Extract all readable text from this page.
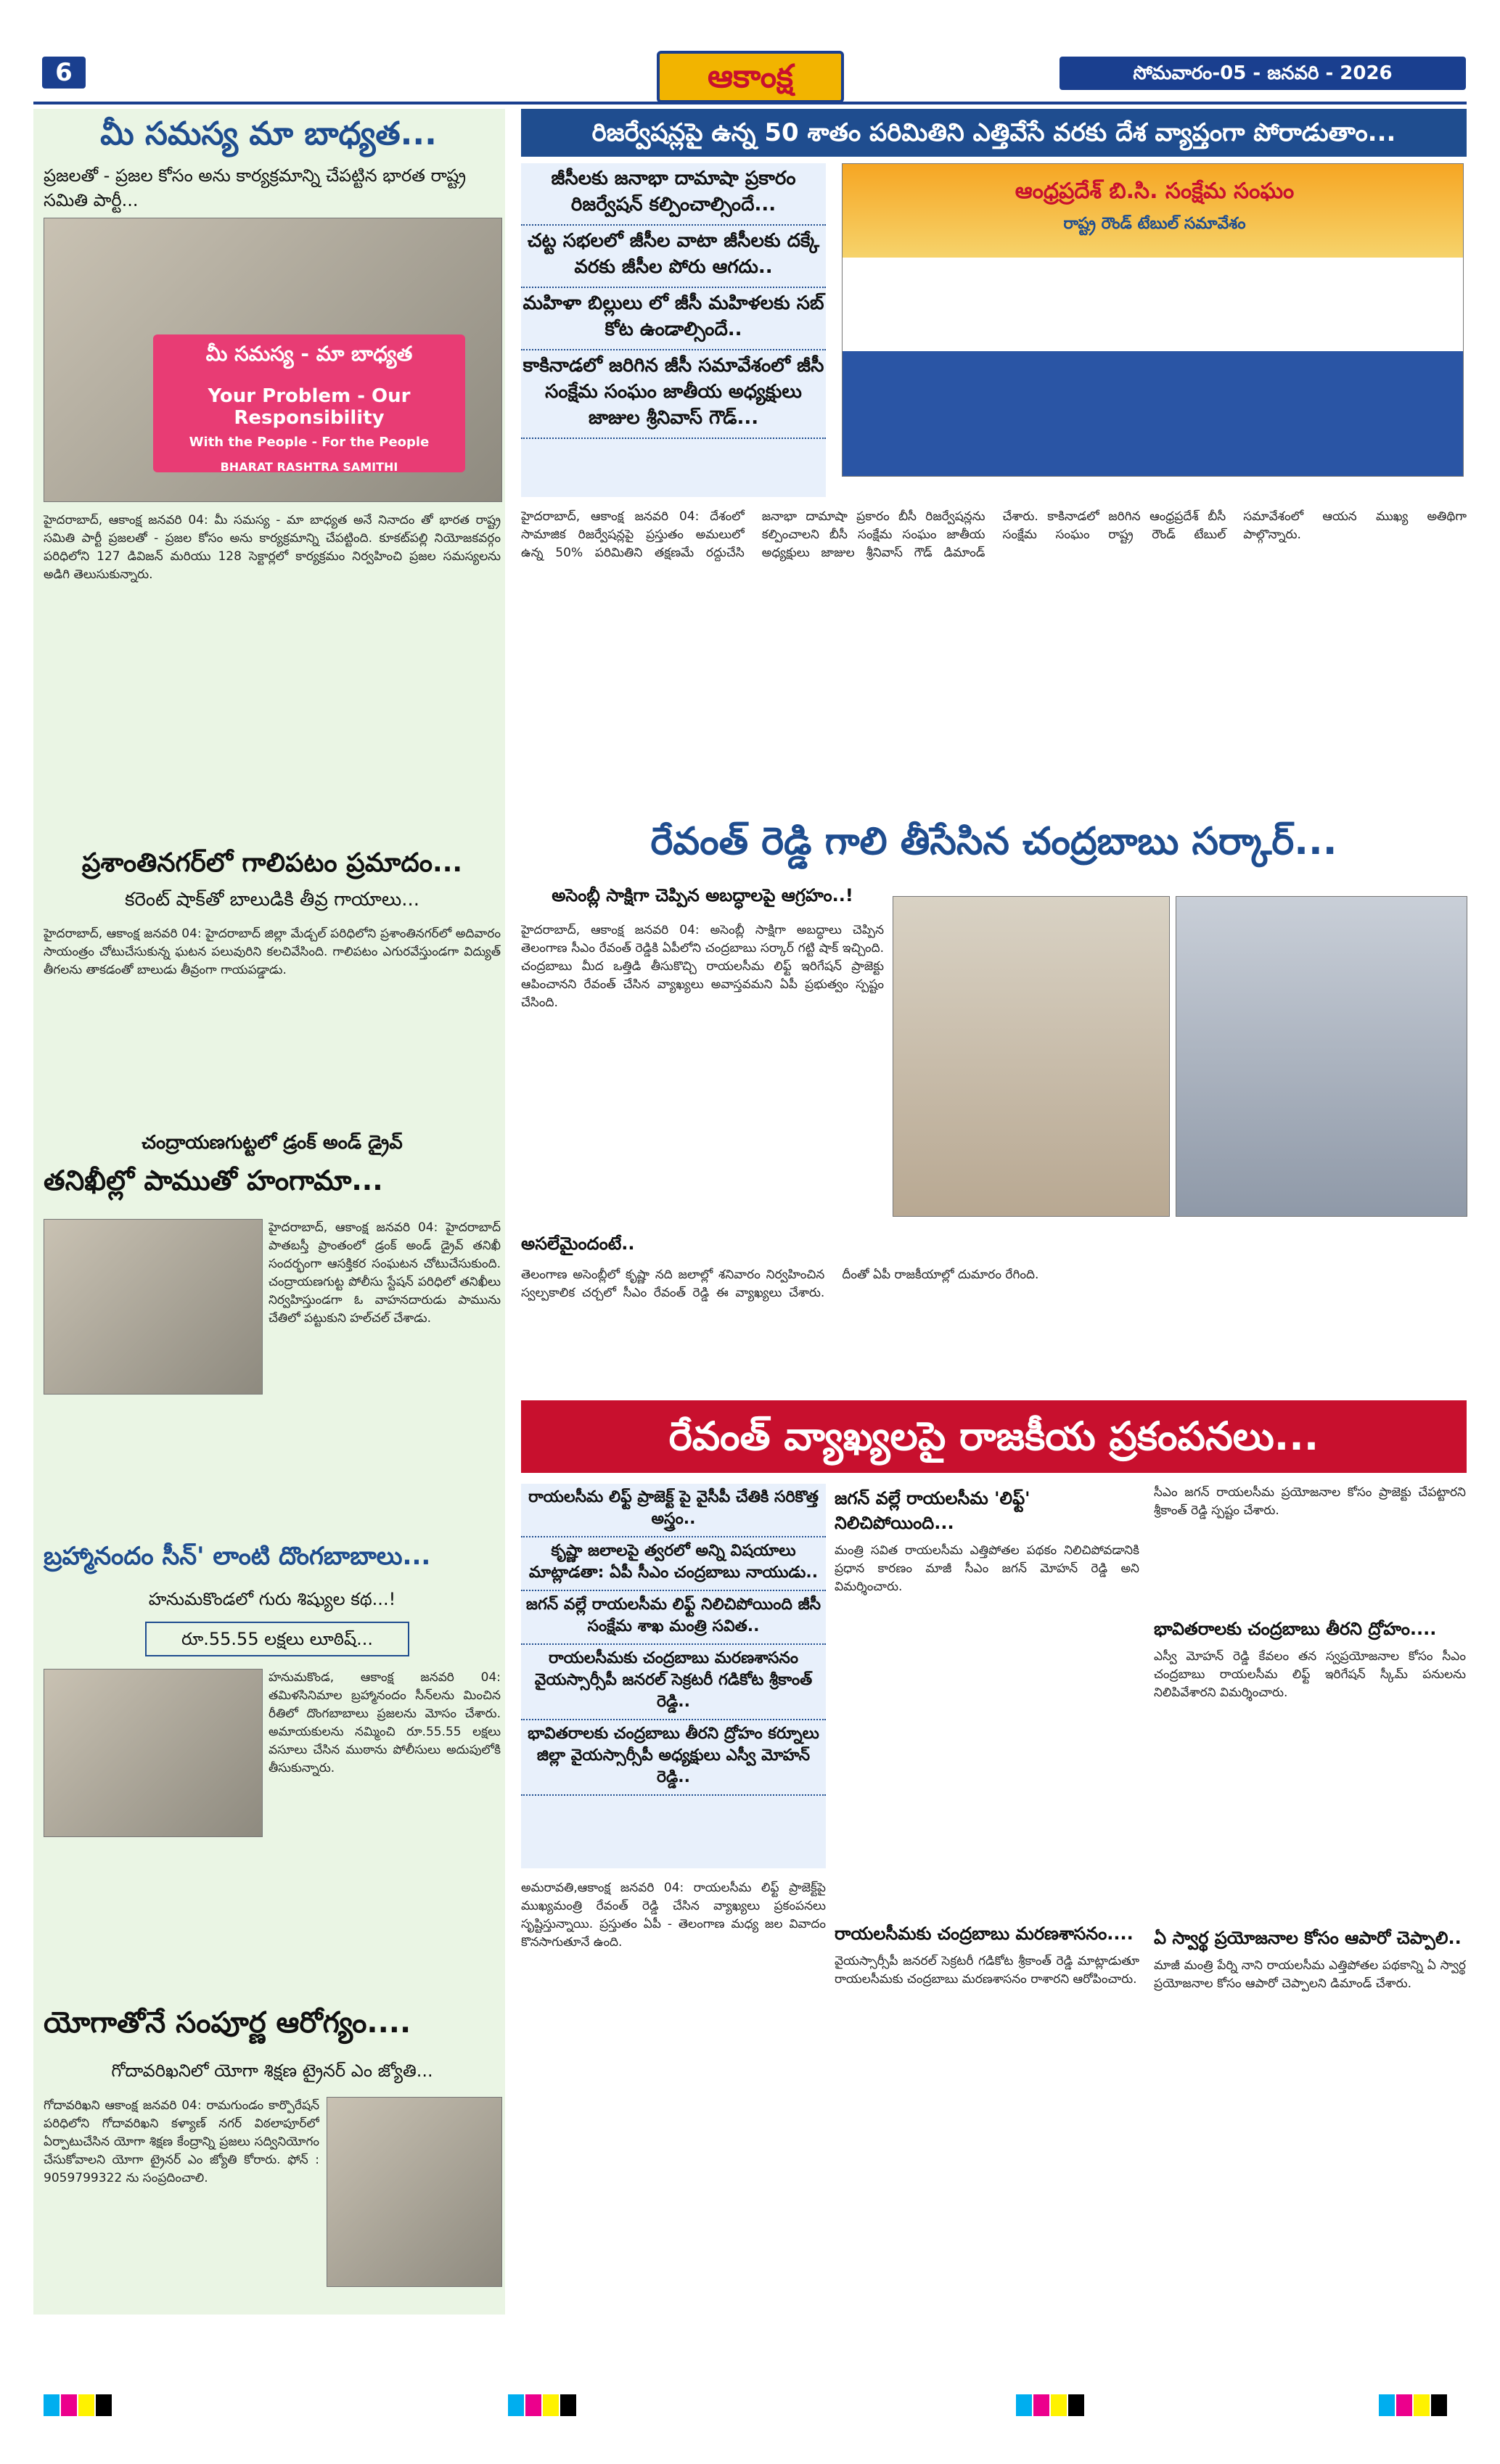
6	ఆకాంక్ష	సోమవారం-05 - జనవరి - 2026
మీ సమస్య మా బాధ్యత...
ప్రజలతో - ప్రజల కోసం అను కార్యక్రమాన్ని చేపట్టిన భారత రాష్ట్ర సమితి పార్టీ...
మీ సమస్య - మా బాధ్యత
Your Problem - Our Responsibility
With the People - For the People
BHARAT RASHTRA SAMITHI
హైదరాబాద్, ఆకాంక్ష జనవరి 04: మీ సమస్య - మా బాధ్యత అనే నినాదం తో భారత రాష్ట్ర సమితి పార్టీ ప్రజలతో - ప్రజల కోసం అను కార్యక్రమాన్ని చేపట్టింది. కూకట్‌పల్లి నియోజకవర్గం పరిధిలోని 127 డివిజన్ మరియు 128 సెక్టార్లలో కార్యక్రమం నిర్వహించి ప్రజల సమస్యలను అడిగి తెలుసుకున్నారు.
ప్రశాంతినగర్‌లో గాలిపటం ప్రమాదం...
కరెంట్ షాక్‌తో బాలుడికి తీవ్ర గాయాలు...
హైదరాబాద్, ఆకాంక్ష జనవరి 04: హైదరాబాద్ జిల్లా మేడ్చల్ పరిధిలోని ప్రశాంతినగర్‌లో అదివారం సాయంత్రం చోటుచేసుకున్న ఘటన పలువురిని కలచివేసింది. గాలిపటం ఎగురవేస్తుండగా విద్యుత్ తీగలను తాకడంతో బాలుడు తీవ్రంగా గాయపడ్డాడు.
చంద్రాయణగుట్టలో డ్రంక్ అండ్ డ్రైవ్
తనిఖీల్లో పాముతో హంగామా...
హైదరాబాద్, ఆకాంక్ష జనవరి 04: హైదరాబాద్ పాతబస్తీ ప్రాంతంలో డ్రంక్ అండ్ డ్రైవ్ తనిఖీ సందర్భంగా ఆసక్తికర సంఘటన చోటుచేసుకుంది. చంద్రాయణగుట్ట పోలీసు స్టేషన్ పరిధిలో తనిఖీలు నిర్వహిస్తుండగా ఓ వాహనదారుడు పామును చేతిలో పట్టుకుని హల్‌చల్ చేశాడు.
బ్రహ్మానందం సీన్' లాంటి దొంగబాబాలు...
హనుమకొండలో గురు శిష్యుల కథ...!
రూ.55.55 లక్షలు లూఠిష్...
హనుమకొండ, ఆకాంక్ష జనవరి 04: తమిళసినిమాల బ్రహ్మానందం సీన్‌లను మించిన రీతిలో దొంగబాబాలు ప్రజలను మోసం చేశారు. అమాయకులను నమ్మించి రూ.55.55 లక్షలు వసూలు చేసిన ముఠాను పోలీసులు అదుపులోకి తీసుకున్నారు.
యోగాతోనే సంపూర్ణ ఆరోగ్యం....
గోదావరిఖనిలో యోగా శిక్షణ ట్రైనర్ ఎం జ్యోతి...
గోదావరిఖని ఆకాంక్ష జనవరి 04: రామగుండం కార్పొరేషన్ పరిధిలోని గోదావరిఖని కళ్యాణ్ నగర్ విఠలాపూర్‌లో ఏర్పాటుచేసిన యోగా శిక్షణ కేంద్రాన్ని ప్రజలు సద్వినియోగం చేసుకోవాలని యోగా ట్రైనర్ ఎం జ్యోతి కోరారు. ఫోన్ : 9059799322 ను సంప్రదించాలి.
రిజర్వేషన్లపై ఉన్న 50 శాతం పరిమితిని ఎత్తివేసే వరకు దేశ వ్యాప్తంగా పోరాడుతాం...
జీసీలకు జనాభా దామాషా ప్రకారం రిజర్వేషన్ కల్పించాల్సిందే...
చట్ట సభలలో జీసీల వాటా జీసీలకు దక్కే వరకు జీసీల పోరు ఆగదు..
మహిళా బిల్లులు లో జీసీ మహిళలకు సబ్ కోట ఉండాల్సిందే..
కాకినాడలో జరిగిన జీసీ సమావేశంలో జీసీ సంక్షేమ సంఘం జాతీయ అధ్యక్షులు జాజుల శ్రీనివాస్ గౌడ్...
ఆంధ్రప్రదేశ్ బి.సి. సంక్షేమ సంఘం
రాష్ట్ర రౌండ్ టేబుల్ సమావేశం
హైదరాబాద్, ఆకాంక్ష జనవరి 04: దేశంలో సామాజిక రిజర్వేషన్లపై ప్రస్తుతం అమలులో ఉన్న 50% పరిమితిని తక్షణమే రద్దుచేసి జనాభా దామాషా ప్రకారం బీసీ రిజర్వేషన్లను కల్పించాలని బీసీ సంక్షేమ సంఘం జాతీయ అధ్యక్షులు జాజుల శ్రీనివాస్ గౌడ్ డిమాండ్ చేశారు. కాకినాడలో జరిగిన ఆంధ్రప్రదేశ్ బీసీ సంక్షేమ సంఘం రాష్ట్ర రౌండ్ టేబుల్ సమావేశంలో ఆయన ముఖ్య అతిథిగా పాల్గొన్నారు.
రేవంత్ రెడ్డి గాలి తీసేసిన చంద్రబాబు సర్కార్...
అసెంబ్లీ సాక్షిగా చెప్పిన అబద్ధాలపై ఆగ్రహం..!
హైదరాబాద్, ఆకాంక్ష జనవరి 04: అసెంబ్లీ సాక్షిగా అబద్ధాలు చెప్పిన తెలంగాణ సీఎం రేవంత్ రెడ్డికి ఏపీలోని చంద్రబాబు సర్కార్ గట్టి షాక్ ఇచ్చింది. చంద్రబాబు మీద ఒత్తిడి తీసుకొచ్చి రాయలసీమ లిఫ్ట్ ఇరిగేషన్ ప్రాజెక్టు ఆపించానని రేవంత్ చేసిన వ్యాఖ్యలు అవాస్తవమని ఏపీ ప్రభుత్వం స్పష్టం చేసింది.
అసలేమైందంటే..
తెలంగాణ అసెంబ్లీలో కృష్ణా నది జలాల్లో శనివారం నిర్వహించిన స్వల్పకాలిక చర్చలో సీఎం రేవంత్ రెడ్డి ఈ వ్యాఖ్యలు చేశారు. దీంతో ఏపీ రాజకీయాల్లో దుమారం రేగింది.
రేవంత్ వ్యాఖ్యలపై రాజకీయ ప్రకంపనలు...
రాయలసీమ లిఫ్ట్ ప్రాజెక్ట్ పై వైసీపీ చేతికి సరికొత్త అస్త్రం..
కృష్ణా జలాలపై త్వరలో అన్ని విషయాలు మాట్లాడతా: ఏపీ సీఎం చంద్రబాబు నాయుడు..
జగన్ వల్లే రాయలసీమ లిఫ్ట్ నిలిచిపోయింది జీసీ సంక్షేమ శాఖ మంత్రి సవిత..
రాయలసీమకు చంద్రబాబు మరణశాసనం వైయస్సార్సీపీ జనరల్ సెక్రటరీ గడికోట శ్రీకాంత్ రెడ్డి..
భావితరాలకు చంద్రబాబు తీరని ద్రోహం కర్నూలు జిల్లా వైయస్సార్సీపీ అధ్యక్షులు ఎస్వీ మోహన్ రెడ్డి..
అమరావతి,ఆకాంక్ష జనవరి 04: రాయలసీమ లిఫ్ట్ ప్రాజెక్ట్‌పై ముఖ్యమంత్రి రేవంత్ రెడ్డి చేసిన వ్యాఖ్యలు ప్రకంపనలు సృష్టిస్తున్నాయి. ప్రస్తుతం ఏపీ - తెలంగాణ మధ్య జల వివాదం కొనసాగుతూనే ఉంది.
జగన్ వల్లే రాయలసీమ 'లిఫ్ట్' నిలిచిపోయింది...
మంత్రి సవిత రాయలసీమ ఎత్తిపోతల పథకం నిలిచిపోవడానికి ప్రధాన కారణం మాజీ సీఎం జగన్ మోహన్ రెడ్డి అని విమర్శించారు.
రాయలసీమకు చంద్రబాబు మరణశాసనం....
వైయస్సార్సీపీ జనరల్ సెక్రటరీ గడికోట శ్రీకాంత్ రెడ్డి మాట్లాడుతూ రాయలసీమకు చంద్రబాబు మరణశాసనం రాశారని ఆరోపించారు.
సీఎం జగన్ రాయలసీమ ప్రయోజనాల కోసం ప్రాజెక్టు చేపట్టారని శ్రీకాంత్ రెడ్డి స్పష్టం చేశారు.
భావితరాలకు చంద్రబాబు తీరని ద్రోహం....
ఎస్వీ మోహన్ రెడ్డి కేవలం తన స్వప్రయోజనాల కోసం సీఎం చంద్రబాబు రాయలసీమ లిఫ్ట్ ఇరిగేషన్ స్కీమ్ పనులను నిలిపివేశారని విమర్శించారు.
ఏ స్వార్థ ప్రయోజనాల కోసం ఆపారో చెప్పాలి..
మాజీ మంత్రి పేర్ని నాని రాయలసీమ ఎత్తిపోతల పథకాన్ని ఏ స్వార్థ ప్రయోజనాల కోసం ఆపారో చెప్పాలని డిమాండ్ చేశారు.
